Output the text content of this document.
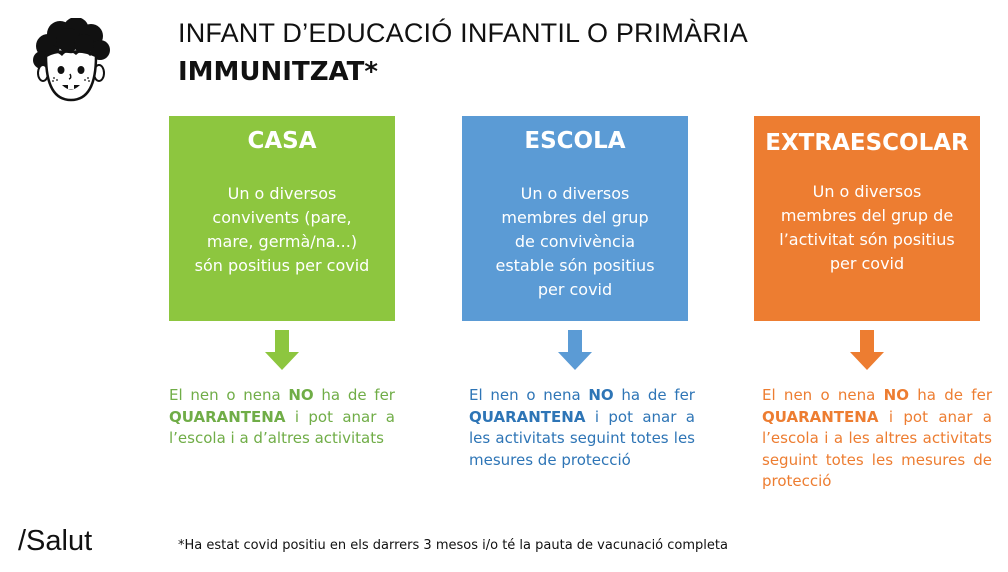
INFANT D’EDUCACIÓ INFANTIL O PRIMÀRIA
IMMUNITZAT*
CASA
Un o diversos
convivents (pare,
mare, germà/na...)
són positius per covid
El nen o nena NO ha de fer QUARANTENA i pot anar a l’escola i a d’altres activitats
ESCOLA
Un o diversos
membres del grup
de convivència
estable són positius
per covid
El nen o nena NO ha de fer QUARANTENA i pot anar a les activitats seguint totes les mesures de protecció
EXTRAESCOLAR
Un o diversos
membres del grup de
l’activitat són positius
per covid
El nen o nena NO ha de fer QUARANTENA i pot anar a l’escola i a les altres activitats seguint totes les mesures de protecció
/Salut	*Ha estat covid positiu en els darrers 3 mesos i/o té la pauta de vacunació completa
